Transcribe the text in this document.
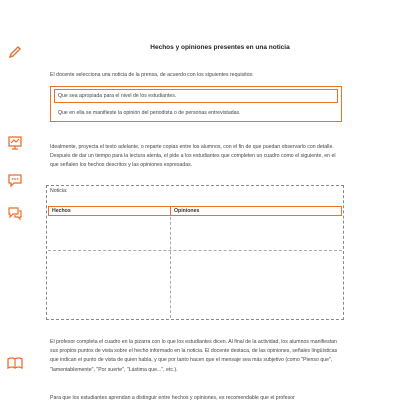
Hechos y opiniones presentes en una noticia
El docente selecciona una noticia de la prensa, de acuerdo con los siguientes requisitos:
Que sea apropiada para el nivel de los estudiantes.
Que en ella se manifieste la opinión del periodista o de personas entrevistadas.
Idealmente, proyecta el texto adelante, o reparte copias entre los alumnos, con el fin de que puedan observarlo con detalle. Después de dar un tiempo para la lectura atenta, el pide a los estudiantes que completen un cuadro como el siguiente, en el que señalen los hechos descritos y las opiniones expresadas.
Noticia:
Hechos	Opiniones
El profesor completa el cuadro en la pizarra con lo que los estudiantes dicen. Al final de la actividad, los alumnos manifiestan sus propios puntos de vista sobre el hecho informado en la noticia. El docente destaca, de las opiniones, señales lingüísticas que indican el punto de vista de quien habla, y que por tanto hacen que el mensaje sea más subjetivo (como "Pienso que", "lamentablemente", "Por suerte", "Lástima que...", etc.).
Para que los estudiantes aprendan a distinguir entre hechos y opiniones, es recomendable que el profesor
